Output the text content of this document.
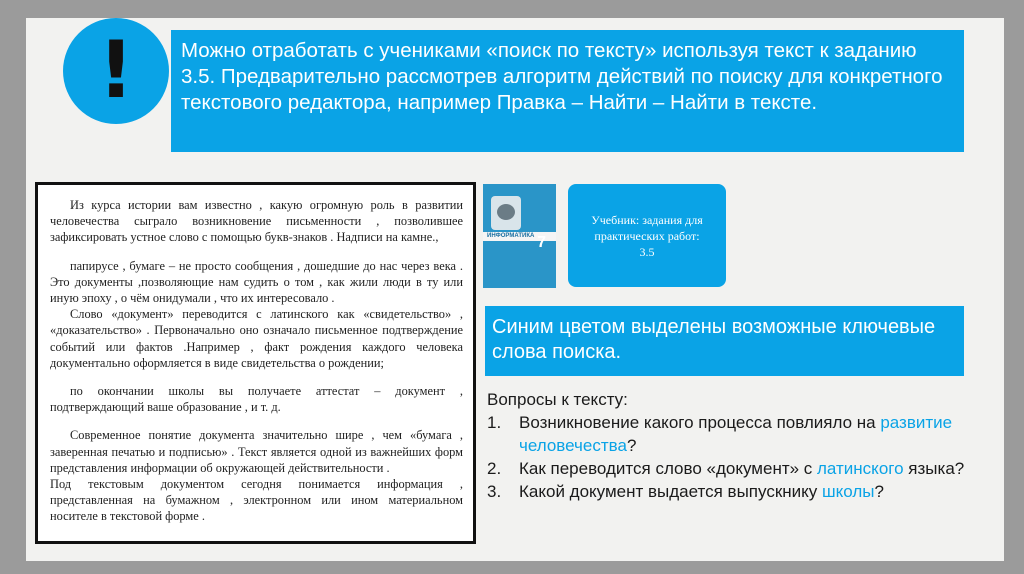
!	Можно отработать с учениками «поиск по тексту» используя текст к заданию 3.5. Предварительно рассмотрев алгоритм действий по поиску для конкретного текстового редактора, например Правка – Найти – Найти в тексте.

Из курса истории вам известно , какую огромную роль в развитии человечества сыграло возникновение письменности , позволившее зафиксировать устное слово с помощью букв-знаков . Надписи на камне.,

папирусе , бумаге – не просто сообщения , дошедшие до нас через века . Это документы ,позволяющие нам судить о том , как жили люди в ту или иную эпоху , о чём онидумали , что их интересовало .

Слово «документ» переводится с латинского как «свидетельство» , «доказательство» . Первоначально оно означало письменное подтверждение событий или фактов .Например , факт рождения каждого человека документально оформляется в виде свидетельства о рождении;

по окончании школы вы получаете аттестат – документ , подтверждающий ваше образование , и т. д.

Современное понятие документа значительно шире , чем «бумага , заверенная печатью и подписью» . Текст является одной из важнейших форм представления информации об окружающей действительности .

Под текстовым документом сегодня понимается информация , представленная на бумажном , электронном или ином материальном носителе в текстовой форме .

ИНФОРМАТИКА 7
Учебник: задания для практических работ: 3.5
Синим цветом выделены возможные ключевые слова поиска.

Вопросы к тексту:

1. Возникновение какого процесса повлияло на развитие человечества?
2. Как переводится слово «документ» с латинского языка?
3. Какой документ выдается выпускнику школы?
